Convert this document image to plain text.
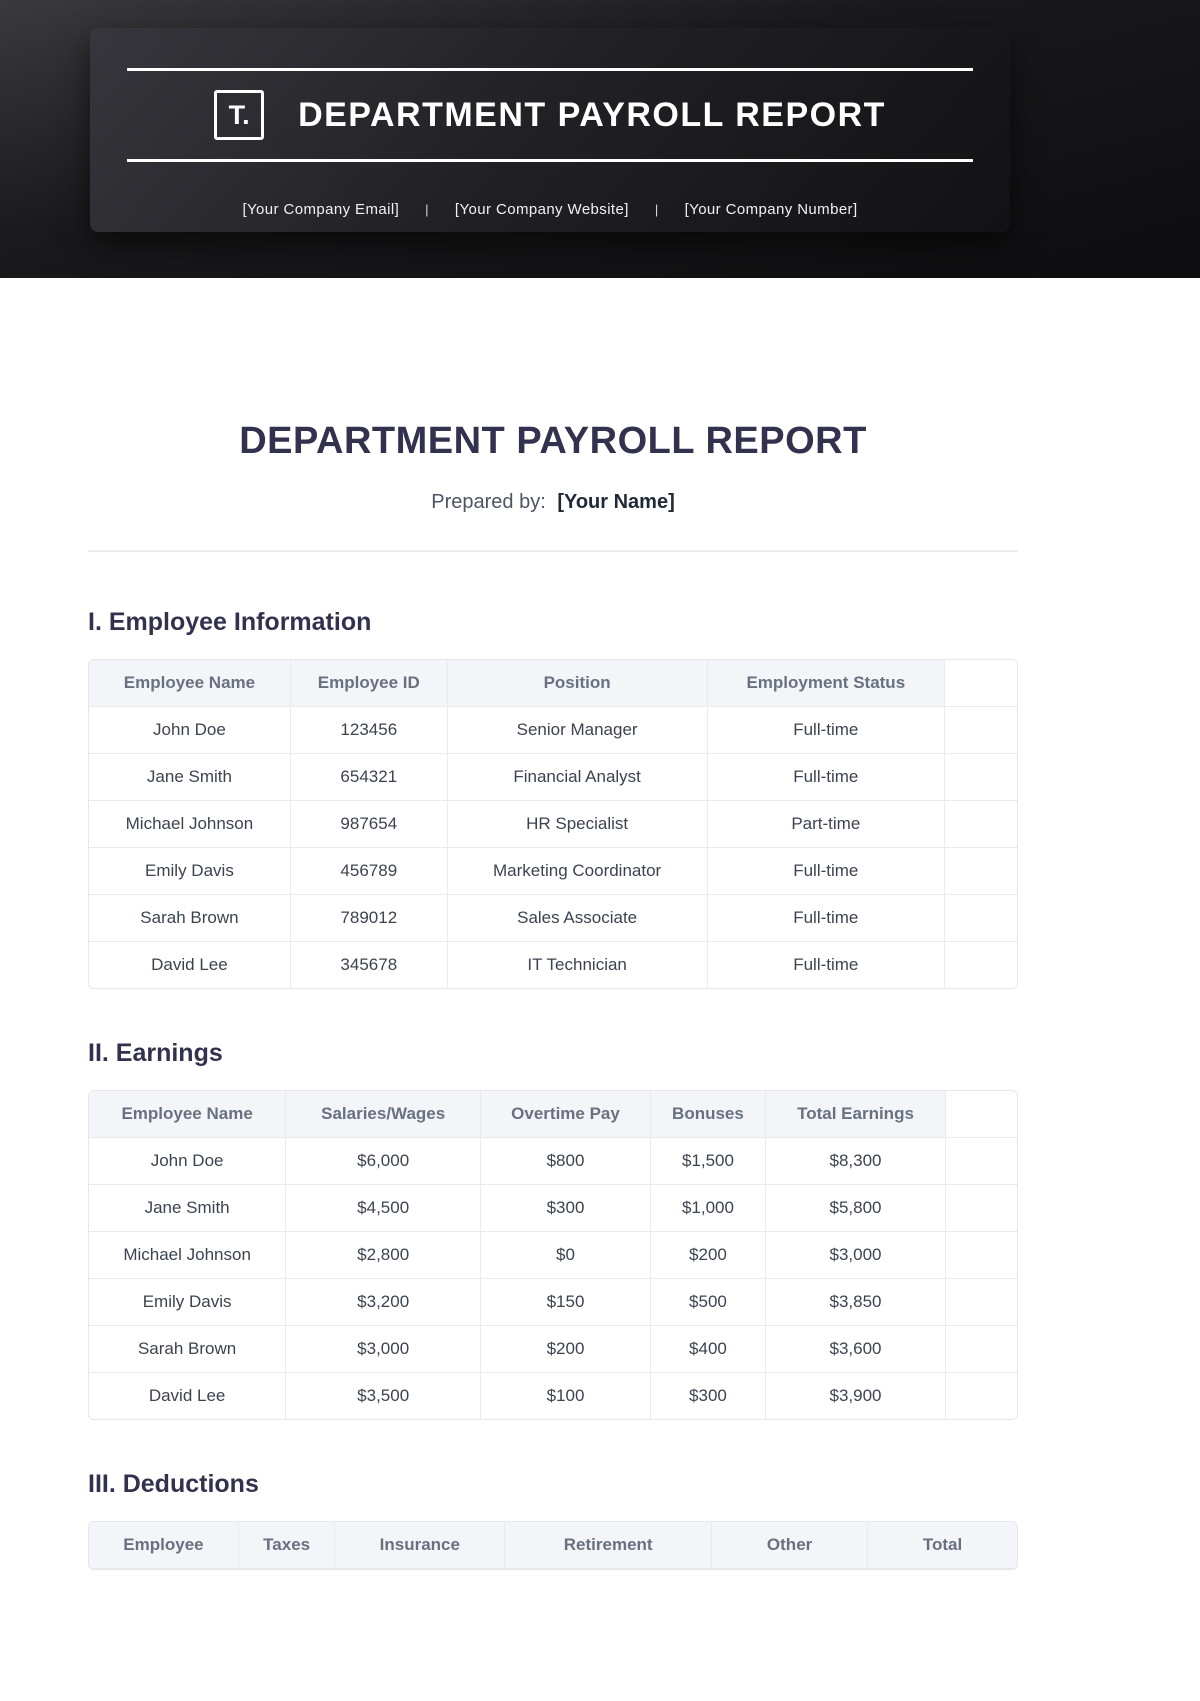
T. DEPARTMENT PAYROLL REPORT
[Your Company Email] | [Your Company Website] | [Your Company Number]
DEPARTMENT PAYROLL REPORT

Prepared by: [Your Name]

I. Employee Information
Employee Name	Employee ID	Position	Employment Status	
John Doe	123456	Senior Manager	Full-time	
Jane Smith	654321	Financial Analyst	Full-time	
Michael Johnson	987654	HR Specialist	Part-time	
Emily Davis	456789	Marketing Coordinator	Full-time	
Sarah Brown	789012	Sales Associate	Full-time	
David Lee	345678	IT Technician	Full-time	
II. Earnings
Employee Name	Salaries/Wages	Overtime Pay	Bonuses	Total Earnings	
John Doe	$6,000	$800	$1,500	$8,300	
Jane Smith	$4,500	$300	$1,000	$5,800	
Michael Johnson	$2,800	$0	$200	$3,000	
Emily Davis	$3,200	$150	$500	$3,850	
Sarah Brown	$3,000	$200	$400	$3,600	
David Lee	$3,500	$100	$300	$3,900	
III. Deductions
Employee	Taxes	Insurance	Retirement	Other	Total
